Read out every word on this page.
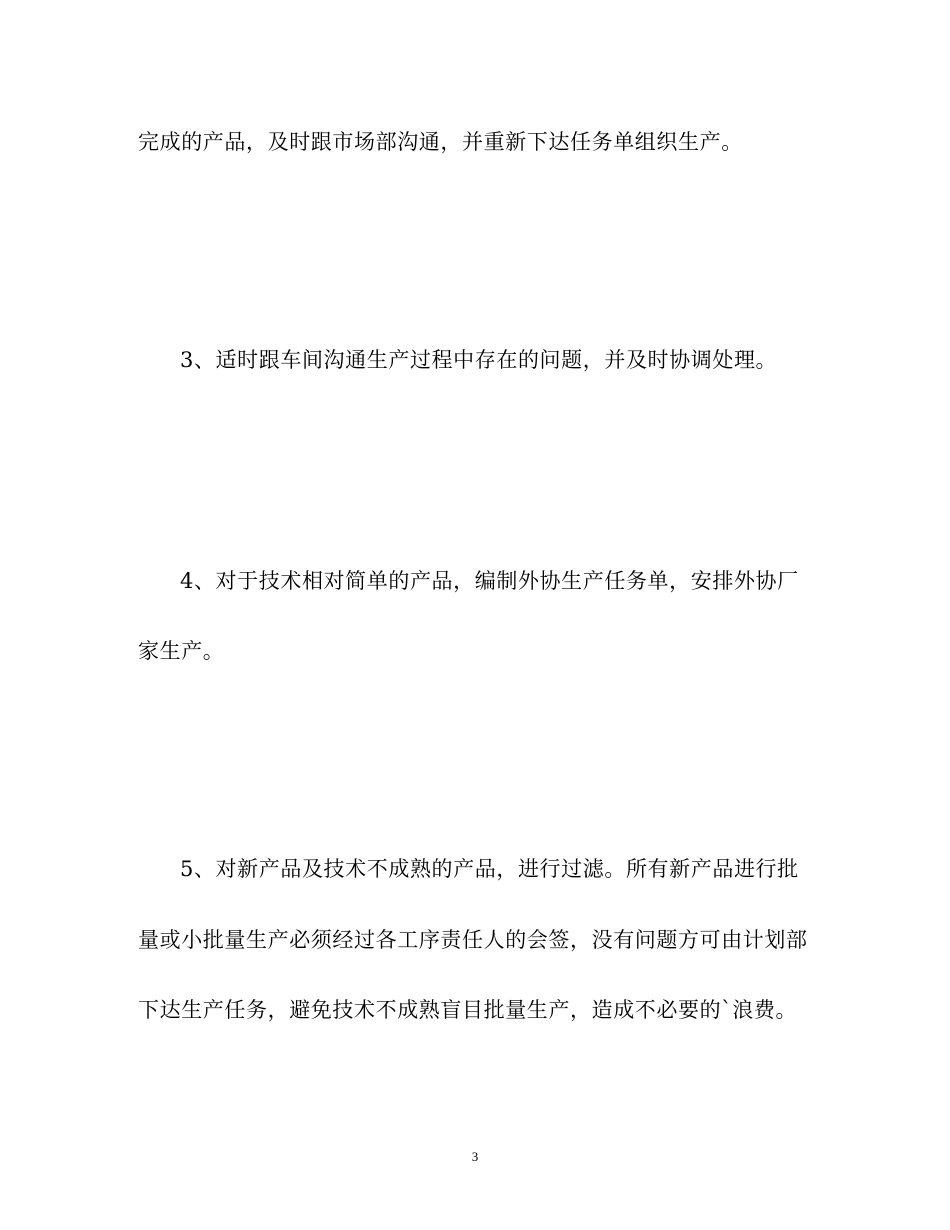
完成的产品，及时跟市场部沟通，并重新下达任务单组织生产。
3、适时跟车间沟通生产过程中存在的问题，并及时协调处理。
4、对于技术相对简单的产品，编制外协生产任务单，安排外协厂
家生产。
5、对新产品及技术不成熟的产品，进行过滤。所有新产品进行批
量或小批量生产必须经过各工序责任人的会签，没有问题方可由计划部
下达生产任务，避免技术不成熟盲目批量生产，造成不必要的`浪费。
3
